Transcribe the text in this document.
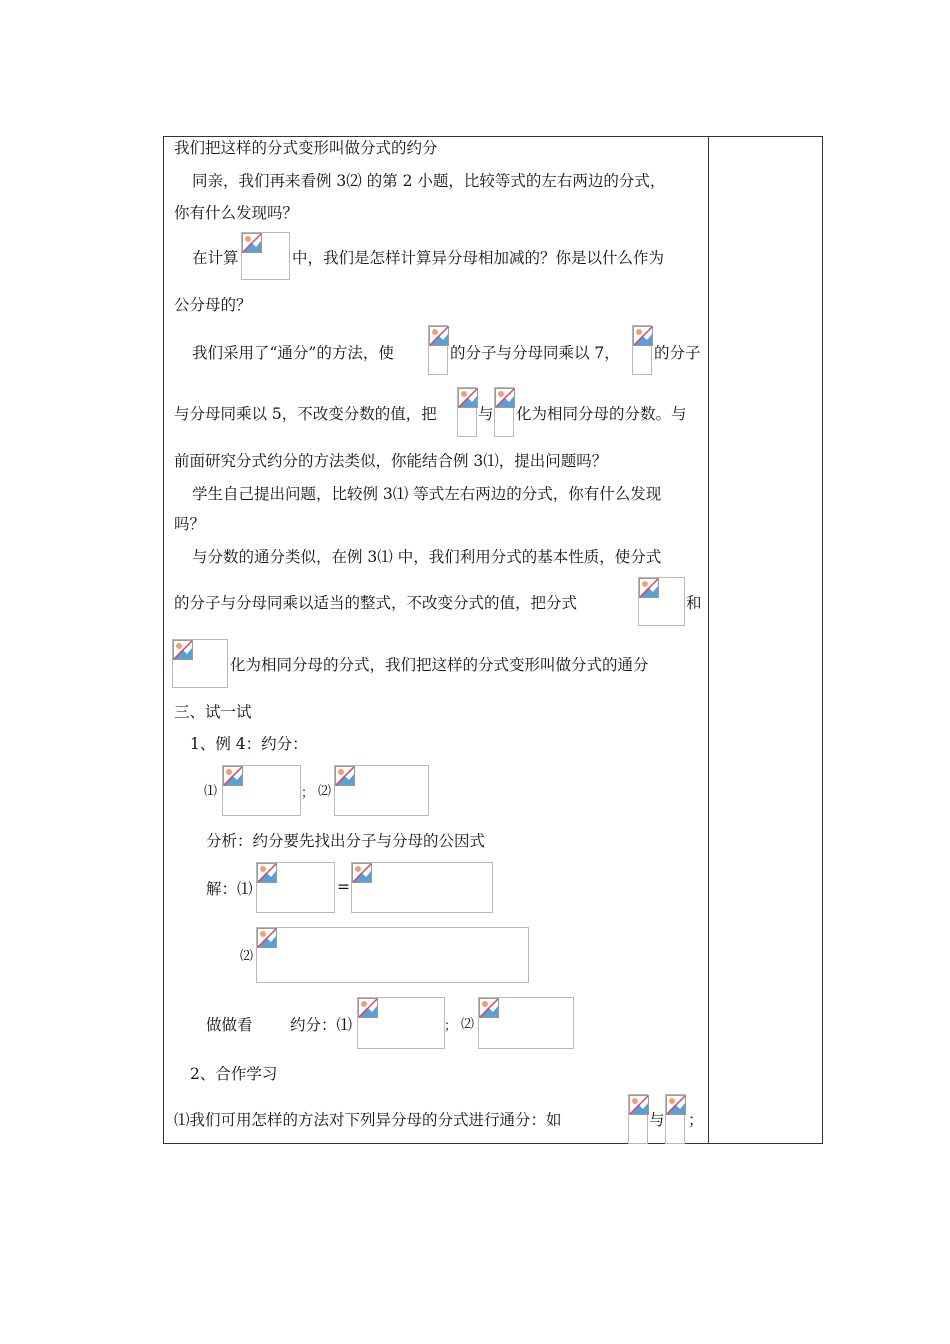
我们把这样的分式变形叫做分式的约分
同亲，我们再来看例 3⑵ 的第 2 小题，比较等式的左右两边的分式，
你有什么发现吗？
在计算	中，我们是怎样计算异分母相加减的？你是以什么作为
公分母的？
我们采用了“通分”的方法，使	的分子与分母同乘以 7， 的分子
与分母同乘以 5，不改变分数的值，把	与 化为相同分母的分数。与
前面研究分式约分的方法类似，你能结合例 3⑴，提出问题吗？
学生自己提出问题，比较例 3⑴ 等式左右两边的分式，你有什么发现
吗？
与分数的通分类似，在例 3⑴ 中，我们利用分式的基本性质，使分式
的分子与分母同乘以适当的整式，不改变分式的值，把分式	和
化为相同分母的分式，我们把这样的分式变形叫做分式的通分
三、试一试
1、例 4：约分：
⑴	； ⑵
分析：约分要先找出分子与分母的公因式
解：⑴	=
⑵
做做看 约分：⑴	； ⑵
2、合作学习
⑴我们可用怎样的方法对下列异分母的分式进行通分：如	与 ；
